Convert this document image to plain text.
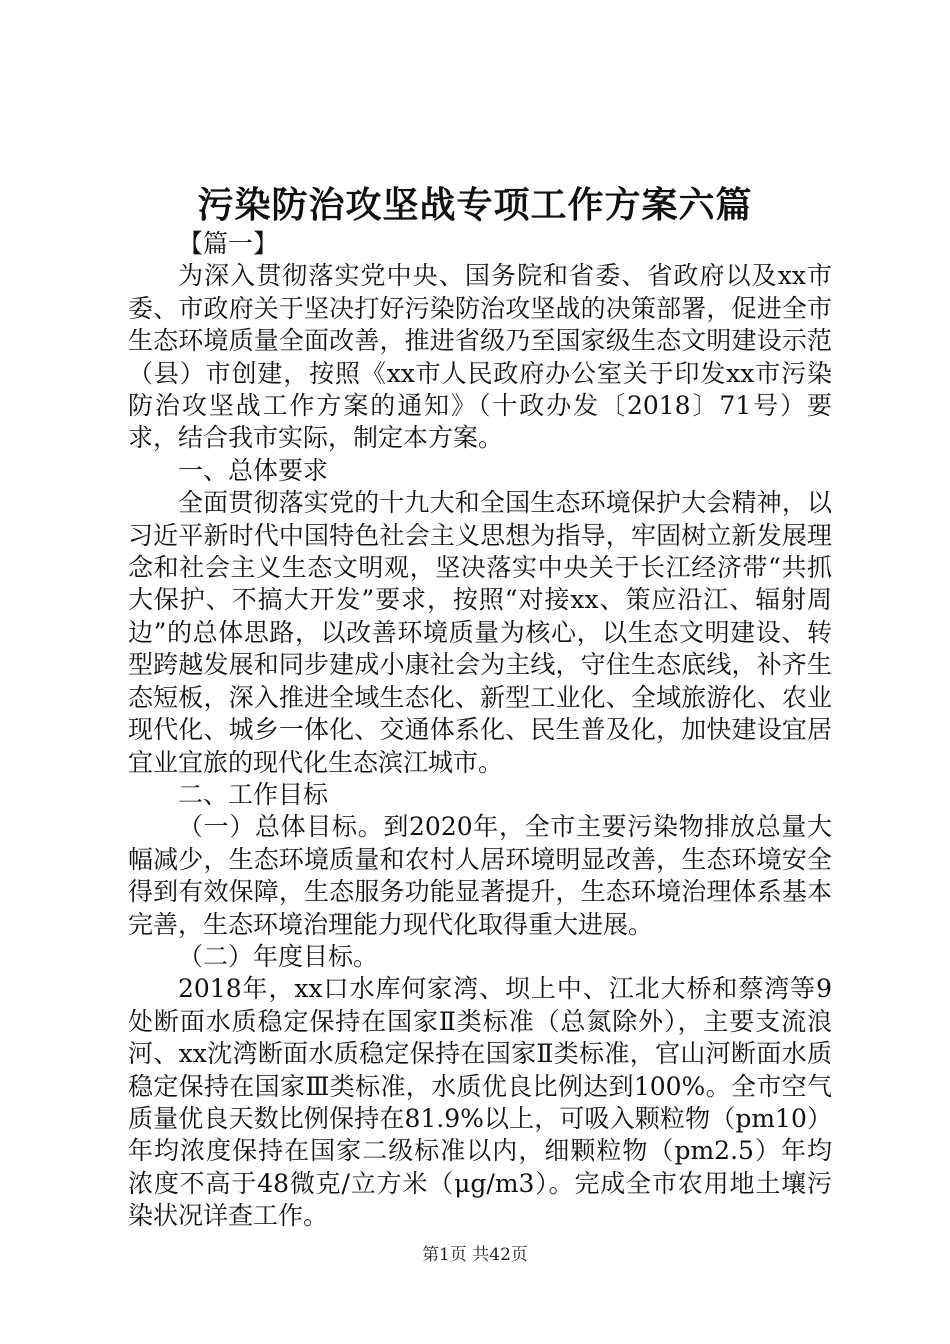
污染防治攻坚战专项工作方案六篇

【篇一】

为深入贯彻落实党中央、国务院和省委、省政府以及xx市委、市政府关于坚决打好污染防治攻坚战的决策部署，促进全市生态环境质量全面改善，推进省级乃至国家级生态文明建设示范（县）市创建，按照《xx市人民政府办公室关于印发xx市污染防治攻坚战工作方案的通知》（十政办发〔2018〕71号）要求，结合我市实际，制定本方案。

一、总体要求

全面贯彻落实党的十九大和全国生态环境保护大会精神，以习近平新时代中国特色社会主义思想为指导，牢固树立新发展理念和社会主义生态文明观，坚决落实中央关于长江经济带“共抓大保护、不搞大开发”要求，按照“对接xx、策应沿江、辐射周边”的总体思路，以改善环境质量为核心，以生态文明建设、转型跨越发展和同步建成小康社会为主线，守住生态底线，补齐生态短板，深入推进全域生态化、新型工业化、全域旅游化、农业现代化、城乡一体化、交通体系化、民生普及化，加快建设宜居宜业宜旅的现代化生态滨江城市。

二、工作目标

（一）总体目标。到2020年，全市主要污染物排放总量大幅减少，生态环境质量和农村人居环境明显改善，生态环境安全得到有效保障，生态服务功能显著提升，生态环境治理体系基本完善，生态环境治理能力现代化取得重大进展。

（二）年度目标。

2018年，xx口水库何家湾、坝上中、江北大桥和蔡湾等9处断面水质稳定保持在国家Ⅱ类标准（总氮除外），主要支流浪河、xx沈湾断面水质稳定保持在国家Ⅱ类标准，官山河断面水质稳定保持在国家Ⅲ类标准，水质优良比例达到100%。全市空气质量优良天数比例保持在81.9%以上，可吸入颗粒物（pm10）年均浓度保持在国家二级标准以内，细颗粒物（pm2.5）年均浓度不高于48微克/立方米（μg/m3）。完成全市农用地土壤污染状况详查工作。

第1页 共42页
